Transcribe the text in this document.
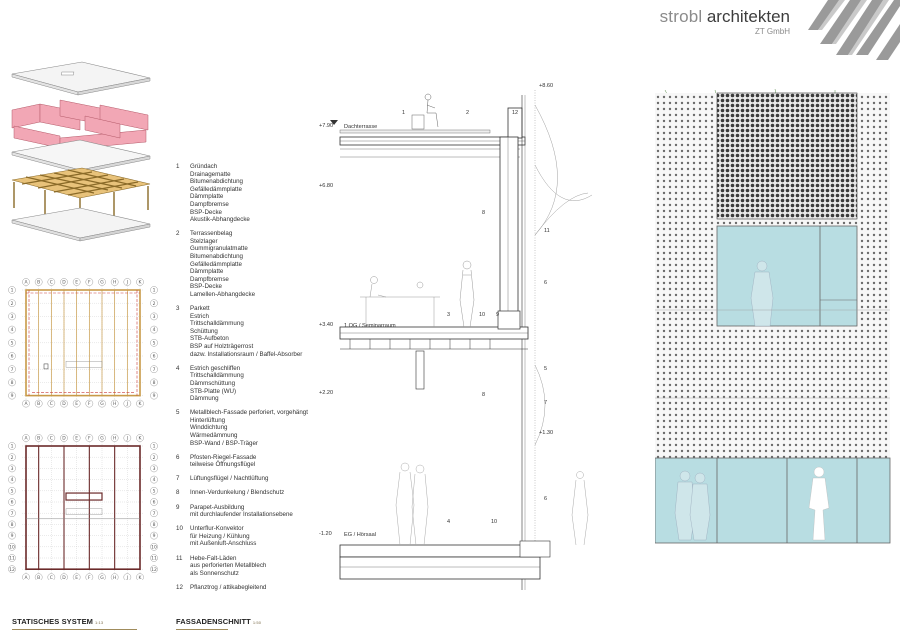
strobl architekten
ZT GmbH
A
A
B
B
C
C
D
D
E
E
F
F
G
G
H
H
J
J
K
K
1	1
2	2
3	3
4	4
5	5
6	6
7	7
8	8
9	9
A
A
B
B
C
C
D
D
E
E
F
F
G
G
H
H
J
J
K
K
1	1
2	2
3	3
4	4
5	5
6	6
7	7
8	8
9	9
10	10
11	11
12	12
1 Gründach
Drainagematte
Bitumenabdichtung
Gefälledämmplatte
Dämmplatte
Dampfbremse
BSP-Decke
Akustik-Abhangdecke
2 Terrassenbelag
Stelzlager
Gummigranulatmatte
Bitumenabdichtung
Gefälledämmplatte
Dämmplatte
Dampfbremse
BSP-Decke
Lamellen-Abhangdecke
3 Parkett
Estrich
Trittschalldämmung
Schüttung
STB-Aufbeton
BSP auf Holzträgerrost
dazw. Installationsraum / Baffel-Absorber
4 Estrich geschliffen
Trittschalldämmung
Dämmschüttung
STB-Platte (WU)
Dämmung
5 Metallblech-Fassade perforiert, vorgehängt
Hinterlüftung
Winddichtung
Wärmedämmung
BSP-Wand / BSP-Träger
6 Pfosten-Riegel-Fassade
teilweise Öffnungsflügel
7 Lüftungsflügel / Nachtlüftung
8 Innen-Verdunkelung / Blendschutz
9 Parapet-Ausbildung
mit durchlaufender Installationsebene
10 Unterflur-Konvektor
für Heizung / Kühlung
mit Außenluft-Anschluss
11 Hebe-Falt-Läden
aus perforierten Metallblech
als Sonnenschutz
12 Pflanztrog / attikabegleitend
+7.90
+6.80
+3.40
+2.20
-1.20
+8.60
+1.30
Dachterrasse
1.OG / Seminarraum
EG / Hörsaal
1	2	12
8
11
6
3	10 9
5
8
7
6
4	10
STATISCHES SYSTEM 1:13	FASSADENSCHNITT 1:50
